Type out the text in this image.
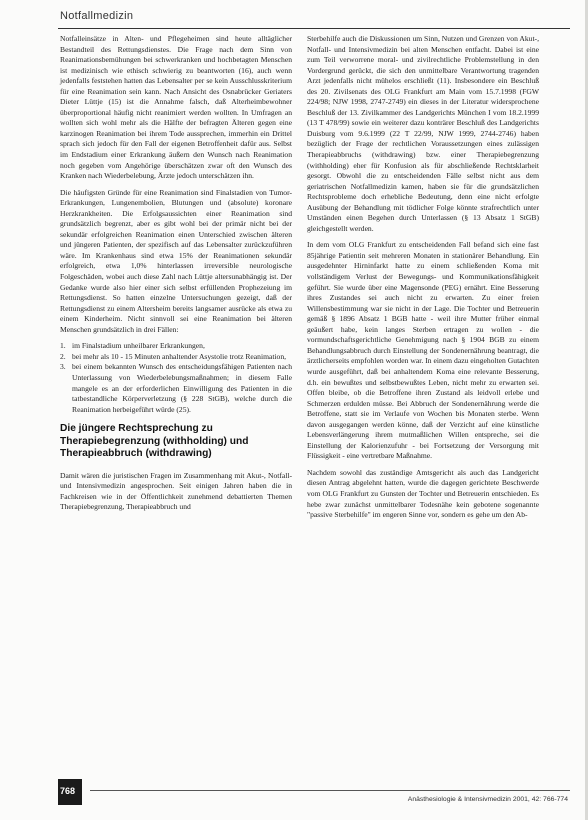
Notfallmedizin

Notfalleinsätze in Alten- und Pflegeheimen sind heute alltäglicher Bestandteil des Rettungsdienstes. Die Frage nach dem Sinn von Reanimationsbemühungen bei schwerkranken und hochbetagten Menschen ist medizinisch wie ethisch schwierig zu beantworten (16), auch wenn jedenfalls feststehen hatten das Lebensalter per se kein Ausschlusskriterium für eine Reanimation sein kann. Nach Ansicht des Osnabrücker Geriaters Dieter Lüttje (15) ist die Annahme falsch, daß Alterheimbewohner überproportional häufig nicht reanimiert werden wollten. In Umfragen an wollten sich wohl mehr als die Hälfte der befragten Älteren gegen eine karzinogen Reanimation bei ihrem Tode aussprechen, immerhin ein Drittel sprach sich jedoch für den Fall der eigenen Betroffenheit dafür aus. Selbst im Endstadium einer Erkrankung äußern den Wunsch nach Reanimation noch gegeben vom Angehörige überschätzen zwar oft den Wunsch des Kranken nach Wiederbelebung, Ärzte jedoch unterschätzen ihn.

Die häufigsten Gründe für eine Reanimation sind Finalstadien von Tumor-Erkrankungen, Lungenembolien, Blutungen und (absolute) koronare Herzkrankheiten. Die Erfolgsaussichten einer Reanimation sind grundsätzlich begrenzt, aber es gibt wohl bei der primär nicht bei der sekundär erfolgreichen Reanimation einen Unterschied zwischen älteren und jüngeren Patienten, der spezifisch auf das Lebensalter zurückzuführen wäre. Im Krankenhaus sind etwa 15% der Reanimationen sekundär erfolgreich, etwa 1,0% hinterlassen irreversible neurologische Folgeschäden, wobei auch diese Zahl nach Lüttje altersunabhängig ist. Der Gedanke wurde also hier einer sich selbst erfüllenden Prophezeiung im Rettungsdienst. So hatten einzelne Untersuchungen gezeigt, daß der Rettungsdienst zu einem Altersheim bereits langsamer ausrücke als etwa zu einem Kinderheim. Nicht sinnvoll sei eine Reanimation bei älteren Menschen grundsätzlich in drei Fällen:

1. im Finalstadium unheilbarer Erkrankungen,
2. bei mehr als 10 - 15 Minuten anhaltender Asystolie trotz Reanimation,
3. bei einem bekannten Wunsch des entscheidungsfähigen Patienten nach Unterlassung von Wiederbelebungsmaßnahmen; in diesem Falle mangele es an der erforderlichen Einwilligung des Patienten in die tatbestandliche Körperverletzung (§ 228 StGB), welche durch die Reanimation herbeigeführt würde (25).
Die jüngere Rechtsprechung zu Therapiebegrenzung (withholding) und Therapieabbruch (withdrawing)

Damit wären die juristischen Fragen im Zusammenhang mit Akut-, Notfall- und Intensivmedizin angesprochen. Seit einigen Jahren haben die in Fachkreisen wie in der Öffentlichkeit zunehmend debattierten Themen Therapiebegrenzung, Therapieabbruch und

Sterbehilfe auch die Diskussionen um Sinn, Nutzen und Grenzen von Akut-, Notfall- und Intensivmedizin bei alten Menschen entfacht. Dabei ist eine zum Teil verworrene moral- und zivilrechtliche Problemstellung in den Vordergrund gerückt, die sich den unmittelbare Verantwortung tragenden Arzt jedenfalls nicht mühelos erschließt (11). Insbesondere ein Beschluß des 20. Zivilsenats des OLG Frankfurt am Main vom 15.7.1998 (FGW 224/98; NJW 1998, 2747-2749) ein dieses in der Literatur widersprochene Beschluß der 13. Zivilkammer des Landgerichts München I vom 18.2.1999 (13 T 478/99) sowie ein weiterer dazu konträrer Beschluß des Landgerichts Duisburg vom 9.6.1999 (22 T 22/99, NJW 1999, 2744-2746) haben bezüglich der Frage der rechtlichen Voraussetzungen eines zulässigen Therapieabbruchs (withdrawing) bzw. einer Therapiebegrenzung (withholding) eher für Konfusion als für abschließende Rechtsklarheit gesorgt. Obwohl die zu entscheidenden Fälle selbst nicht aus dem geriatrischen Notfallmedizin kamen, haben sie für die grundsätzlichen Rechtsprobleme doch erhebliche Bedeutung, denn eine nicht erfolgte Ausübung der Behandlung mit tödlicher Folge könnte strafrechtlich unter Umständen einen Begehen durch Unterlassen (§ 13 Absatz 1 StGB) gleichgestellt werden.

In dem vom OLG Frankfurt zu entscheidenden Fall befand sich eine fast 85jährige Patientin seit mehreren Monaten in stationärer Behandlung. Ein ausgedehnter Hirninfarkt hatte zu einem schließenden Koma mit vollständigem Verlust der Bewegungs- und Kommunikationsfähigkeit geführt. Sie wurde über eine Magensonde (PEG) ernährt. Eine Besserung ihres Zustandes sei auch nicht zu erwarten. Zu einer freien Willensbestimmung war sie nicht in der Lage. Die Tochter und Betreuerin gemäß § 1896 Absatz 1 BGB hatte - weil ihre Mutter früher einmal geäußert habe, kein langes Sterben ertragen zu wollen - die vormundschaftsgerichtliche Genehmigung nach § 1904 BGB zu einem Behandlungsabbruch durch Einstellung der Sondenernährung beantragt, die ärztlicherseits empfohlen worden war. In einem dazu eingeholten Gutachten wurde ausgeführt, daß bei anhaltendem Koma eine relevante Besserung, d.h. ein bewußtes und selbstbewußtes Leben, nicht mehr zu erwarten sei. Offen bleibe, ob die Betroffene ihren Zustand als leidvoll erlebe und Schmerzen erdulden müsse. Bei Abbruch der Sondenernährung werde die Betroffene, statt sie im Verlaufe von Wochen bis Monaten sterbe. Wenn davon ausgegangen werden könne, daß der Verzicht auf eine künstliche Lebensverlängerung ihrem mutmaßlichen Willen entspreche, sei die Einstellung der Kalorienzufuhr - bei Fortsetzung der Versorgung mit Flüssigkeit - eine vertretbare Maßnahme.

Nachdem sowohl das zuständige Amtsgericht als auch das Landgericht diesen Antrag abgelehnt hatten, wurde die dagegen gerichtete Beschwerde vom OLG Frankfurt zu Gunsten der Tochter und Betreuerin entschieden. Es hebe zwar zunächst unmittelbarer Todesnähe kein gebotene sogenannte "passive Sterbehilfe" im engeren Sinne vor, sondern es gehe um den Ab-

768
Anästhesiologie & Intensivmedizin 2001, 42: 766-774
